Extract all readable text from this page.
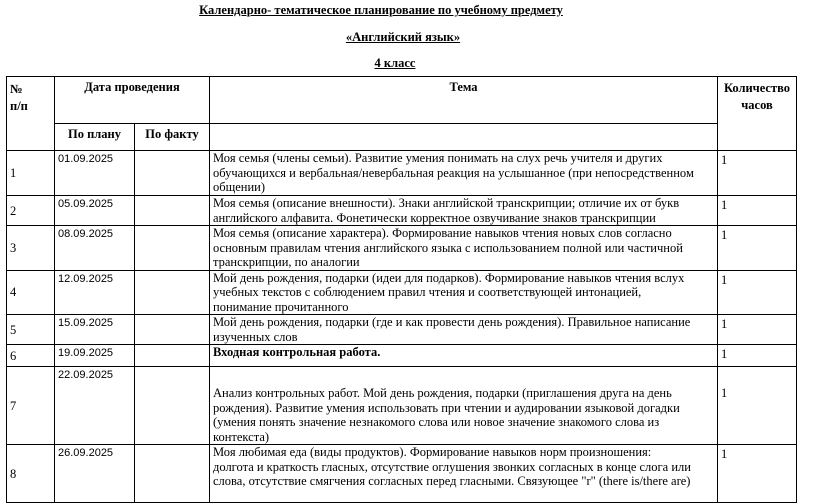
Календарно- тематическое планирование по учебному предмету
«Английский язык»
4 класс
№
п/п	Дата проведения		Тема	Количество
часов

	По плану	По факту		
1	01.09.2025		Моя семья (члены семьи). Развитие умения понимать на слух речь учителя и других
обучающихся и вербальная/невербальная реакция на услышанное (при непосредственном
общении)	1
2	05.09.2025		Моя семья (описание внешности). Знаки английской транскрипции; отличие их от букв
английского алфавита. Фонетически корректное озвучивание знаков транскрипции	1
3	08.09.2025		Моя семья (описание характера). Формирование навыков чтения новых слов согласно
основным правилам чтения английского языка с использованием полной или частичной
транскрипции, по аналогии	1
4	12.09.2025		Мой день рождения, подарки (идеи для подарков). Формирование навыков чтения вслух
учебных текстов с соблюдением правил чтения и соответствующей интонацией,
понимание прочитанного	1
5	15.09.2025		Мой день рождения, подарки (где и как провести день рождения). Правильное написание
изученных слов	1
6	19.09.2025		Входная контрольная работа.	1
7	22.09.2025		Анализ контрольных работ. Мой день рождения, подарки (приглашения друга на день
рождения). Развитие умения использовать при чтении и аудировании языковой догадки
(умения понять значение незнакомого слова или новое значение знакомого слова из
контекста)	1
8	26.09.2025		Моя любимая еда (виды продуктов). Формирование навыков норм произношения:
долгота и краткость гласных, отсутствие оглушения звонких согласных в конце слога или
слова, отсутствие смягчения согласных перед гласными. Связующее "r" (there is/there are)	1
